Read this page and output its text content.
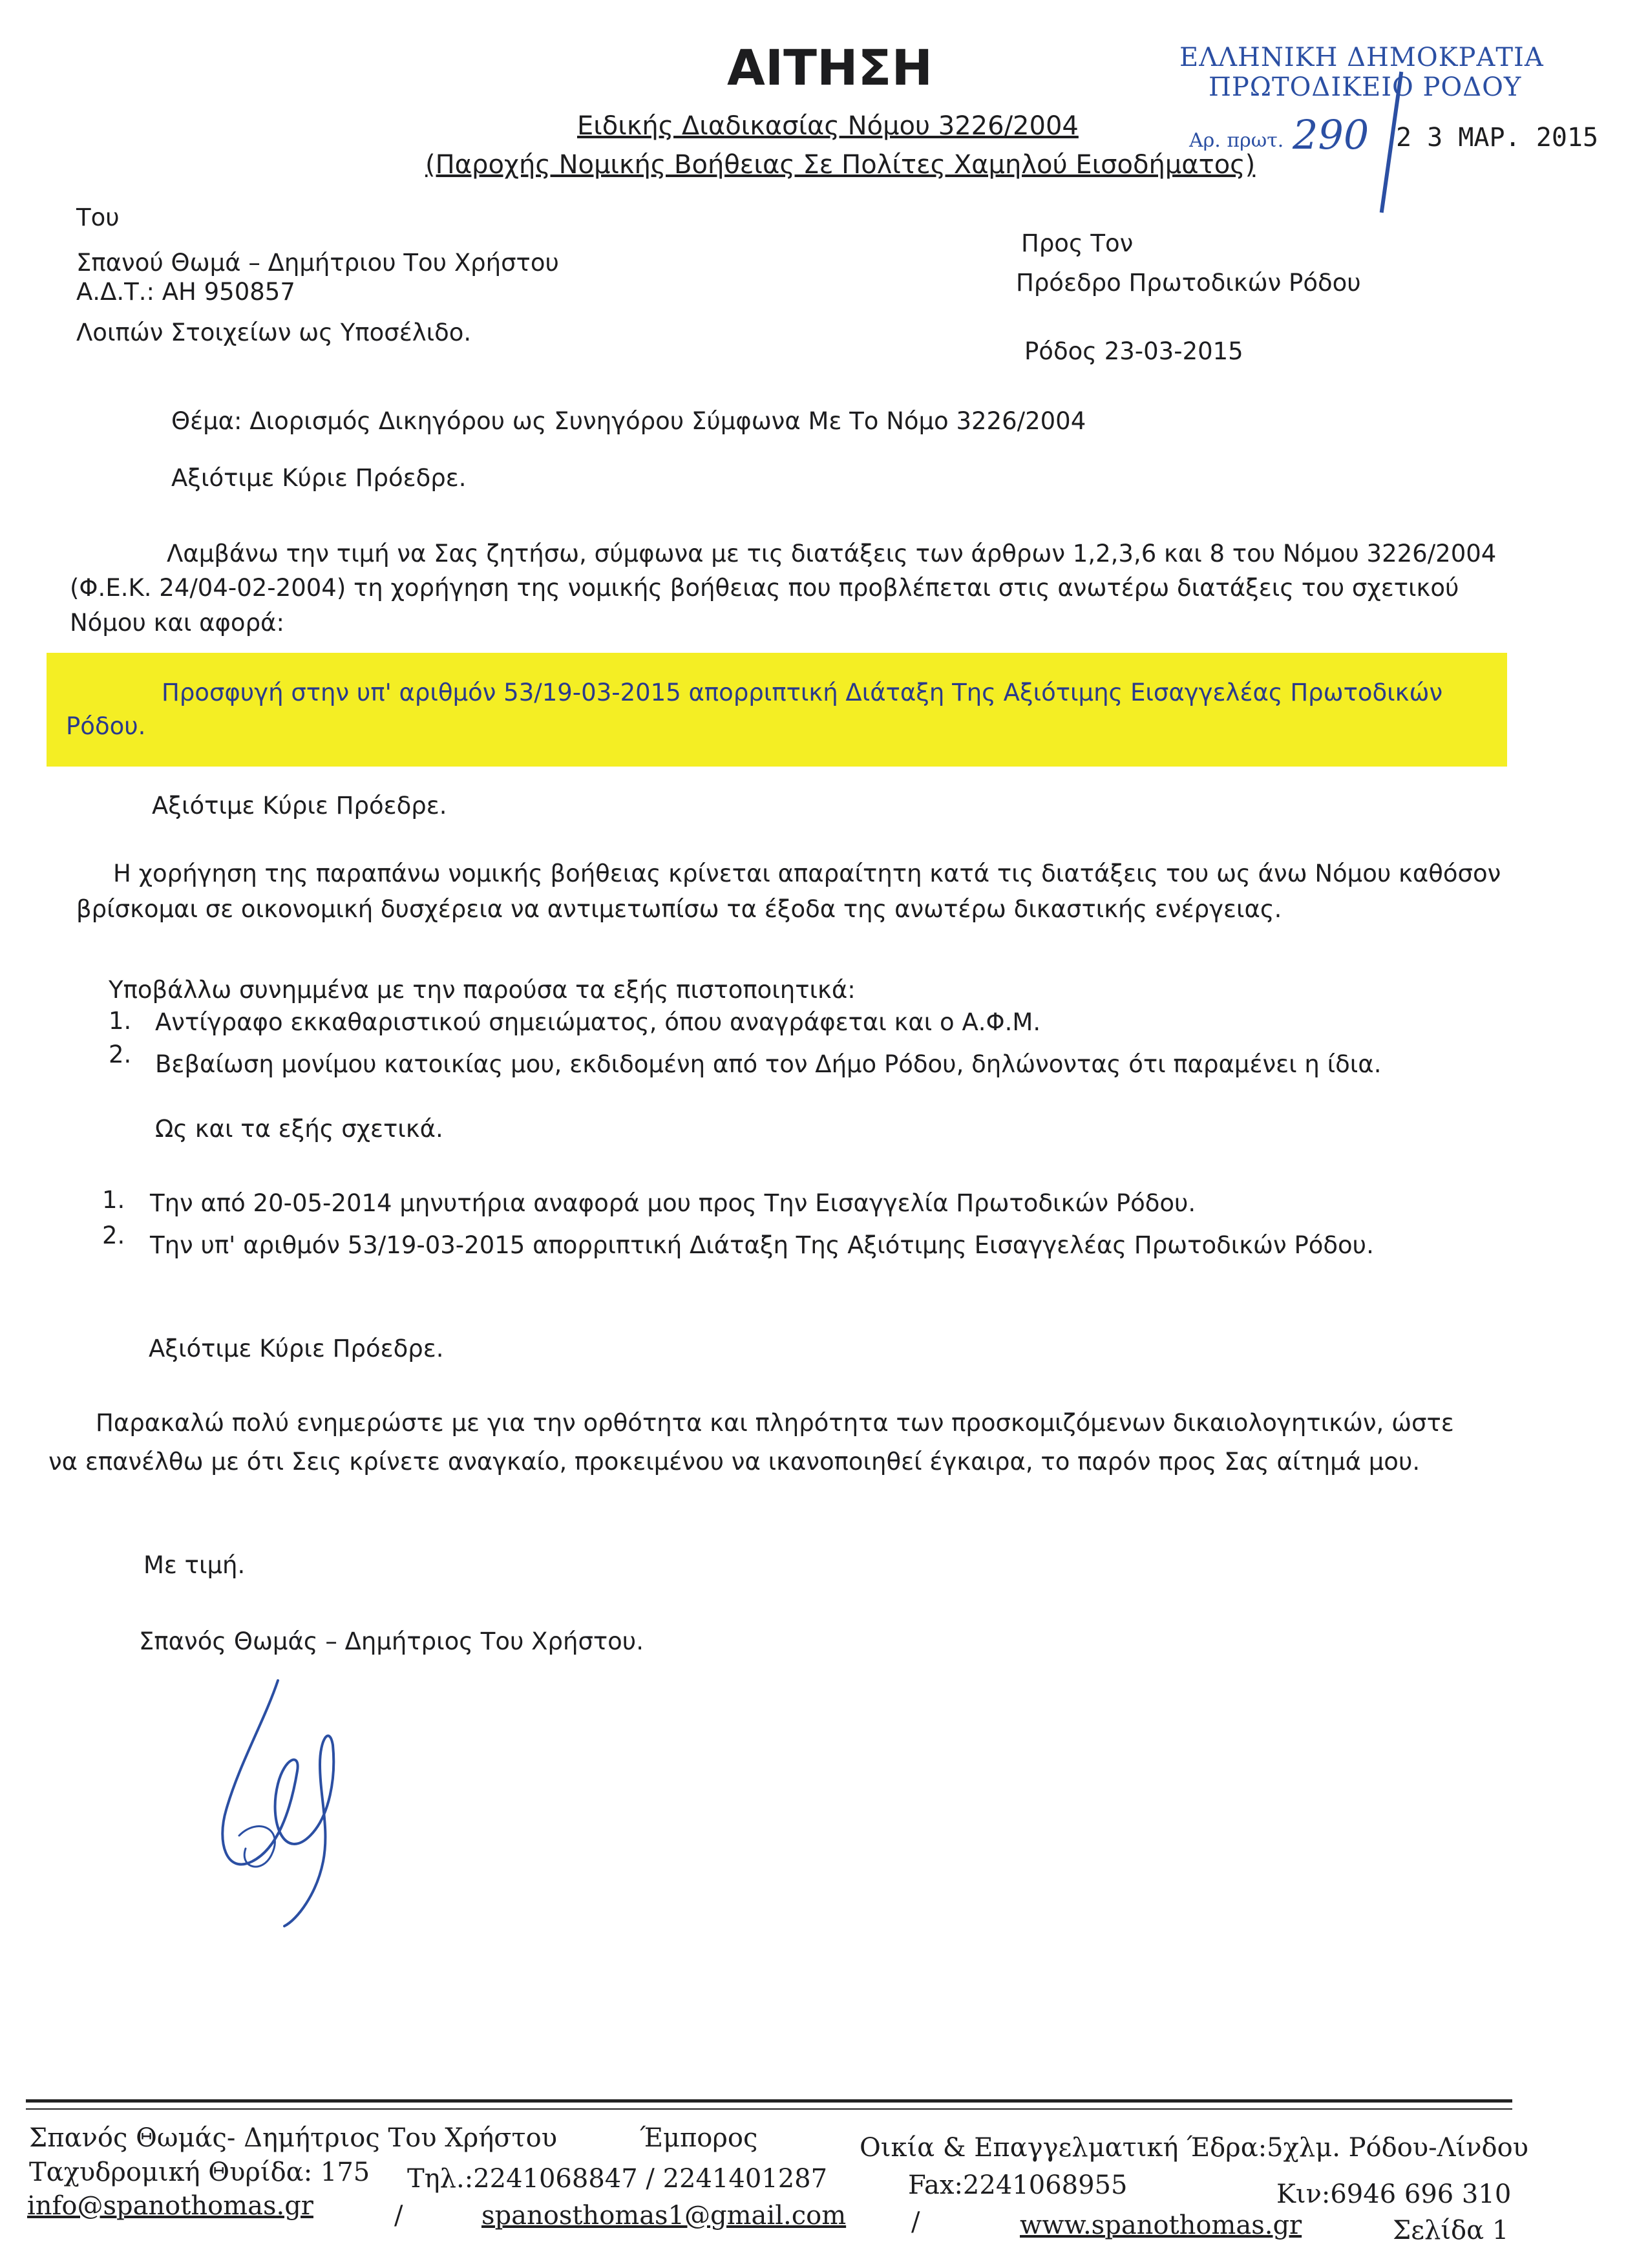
ΑΙΤΗΣΗ
Ειδικής Διαδικασίας Νόμου 3226/2004
(Παροχής Νομικής Βοήθειας Σε Πολίτες Χαμηλού Εισοδήματος)
ΕΛΛΗΝΙΚΗ ΔΗΜΟΚΡΑΤΙΑ
ΠΡΩΤΟΔΙΚΕΙΟ ΡΟΔΟΥ
Αρ. πρωτ. 290 2 3 ΜΑΡ. 2015
Του
Σπανού Θωμά – Δημήτριου Του Χρήστου
Α.Δ.Τ.: ΑΗ 950857
Λοιπών Στοιχείων ως Υποσέλιδο.
Προς Τον
Πρόεδρο Πρωτοδικών Ρόδου
Ρόδος 23-03-2015
Θέμα: Διορισμός Δικηγόρου ως Συνηγόρου Σύμφωνα Με Το Νόμο 3226/2004
Αξιότιμε Κύριε Πρόεδρε.
Λαμβάνω την τιμή να Σας ζητήσω, σύμφωνα με τις διατάξεις των άρθρων 1,2,3,6 και 8 του Νόμου 3226/2004
(Φ.Ε.Κ. 24/04-02-2004) τη χορήγηση της νομικής βοήθειας που προβλέπεται στις ανωτέρω διατάξεις του σχετικού
Νόμου και αφορά:
Προσφυγή στην υπ' αριθμόν 53/19-03-2015 απορριπτική Διάταξη Της Αξιότιμης Εισαγγελέας Πρωτοδικών
Ρόδου.
Αξιότιμε Κύριε Πρόεδρε.
Η χορήγηση της παραπάνω νομικής βοήθειας κρίνεται απαραίτητη κατά τις διατάξεις του ως άνω Νόμου καθόσον
βρίσκομαι σε οικονομική δυσχέρεια να αντιμετωπίσω τα έξοδα της ανωτέρω δικαστικής ενέργειας.
Υποβάλλω συνημμένα με την παρούσα τα εξής πιστοποιητικά:
1. Αντίγραφο εκκαθαριστικού σημειώματος, όπου αναγράφεται και ο Α.Φ.Μ.
2. Βεβαίωση μονίμου κατοικίας μου, εκδιδομένη από τον Δήμο Ρόδου, δηλώνοντας ότι παραμένει η ίδια.
Ως και τα εξής σχετικά.
1. Την από 20-05-2014 μηνυτήρια αναφορά μου προς Την Εισαγγελία Πρωτοδικών Ρόδου.
2. Την υπ' αριθμόν 53/19-03-2015 απορριπτική Διάταξη Της Αξιότιμης Εισαγγελέας Πρωτοδικών Ρόδου.
Αξιότιμε Κύριε Πρόεδρε.
Παρακαλώ πολύ ενημερώστε με για την ορθότητα και πληρότητα των προσκομιζόμενων δικαιολογητικών, ώστε
να επανέλθω με ότι Σεις κρίνετε αναγκαίο, προκειμένου να ικανοποιηθεί έγκαιρα, το παρόν προς Σας αίτημά μου.
Με τιμή.
Σπανός Θωμάς – Δημήτριος Του Χρήστου.
Σπανός Θωμάς- Δημήτριος Του Χρήστου	Έμπορος	Οικία & Επαγγελματική Έδρα:5χλμ. Ρόδου-Λίνδου
Ταχυδρομική Θυρίδα: 175 Τηλ.:2241068847 / 2241401287	Fax:2241068955	Κιν:6946 696 310
info@spanothomas.gr	/	spanosthomas1@gmail.com	/	www.spanothomas.gr	Σελίδα 1
